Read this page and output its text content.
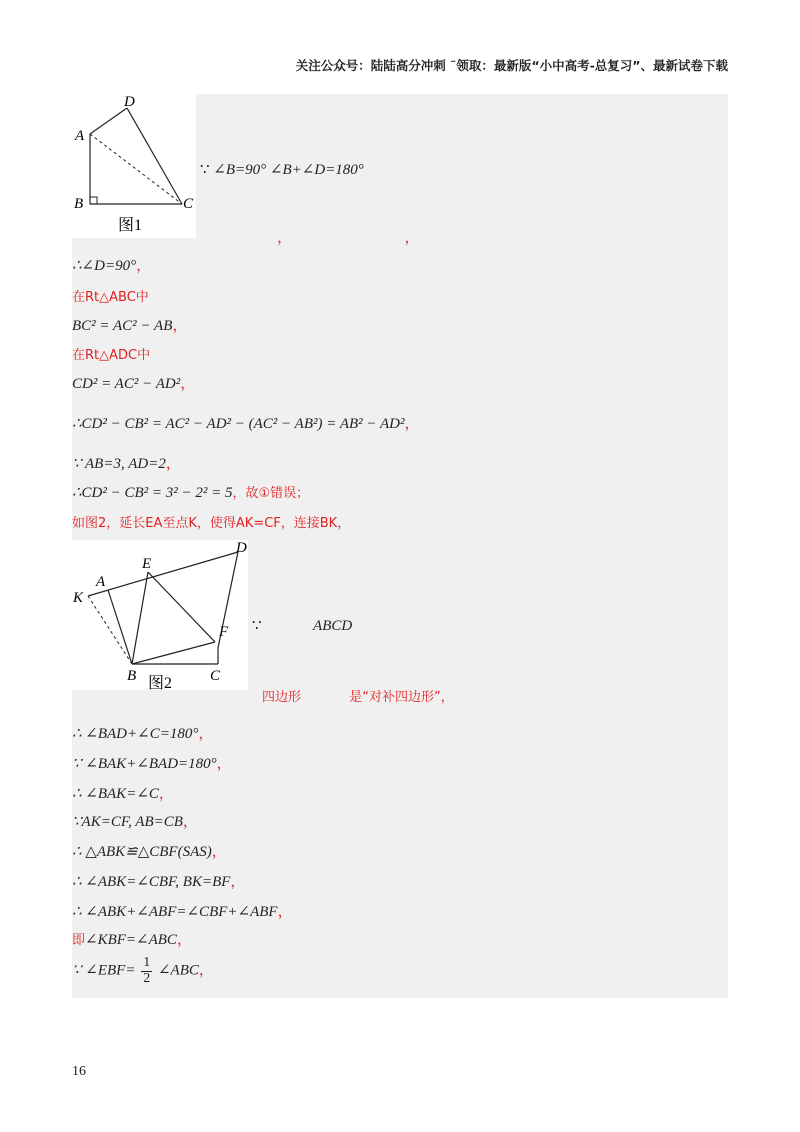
关注公众号：陆陆高分冲刺 ˜领取：最新版“小中高考-总复习”、最新试卷下载
A
D
B	C
图1
∵ ∠B=90° ∠B+∠D=180°
，	，
∴∠D=90°，
在Rt△ABC中
BC² = AC² − AB，
在Rt△ADC中
CD² = AC² − AD²，
∴CD² − CB² = AC² − AD² − (AC² − AB²) = AB² − AD²，
∵ AB=3, AD=2，
∴CD² − CB² = 3² − 2² = 5，故①错误；
如图2，延长EA至点K，使得AK=CF，连接BK，
A
E
D
K
F
B	C
图2
∵	ABCD
四边形	是“对补四边形”，
∴ ∠BAD+∠C=180°，
∵ ∠BAK+∠BAD=180°，
∴ ∠BAK=∠C，
∵AK=CF, AB=CB，
∴ △ABK≌△CBF(SAS)，
∴ ∠ABK=∠CBF, BK=BF，
∴ ∠ABK+∠ABF=∠CBF+∠ABF，
即∠KBF=∠ABC，
∵ ∠EBF= $\frac{1}{2}$ ∠ABC，
16
